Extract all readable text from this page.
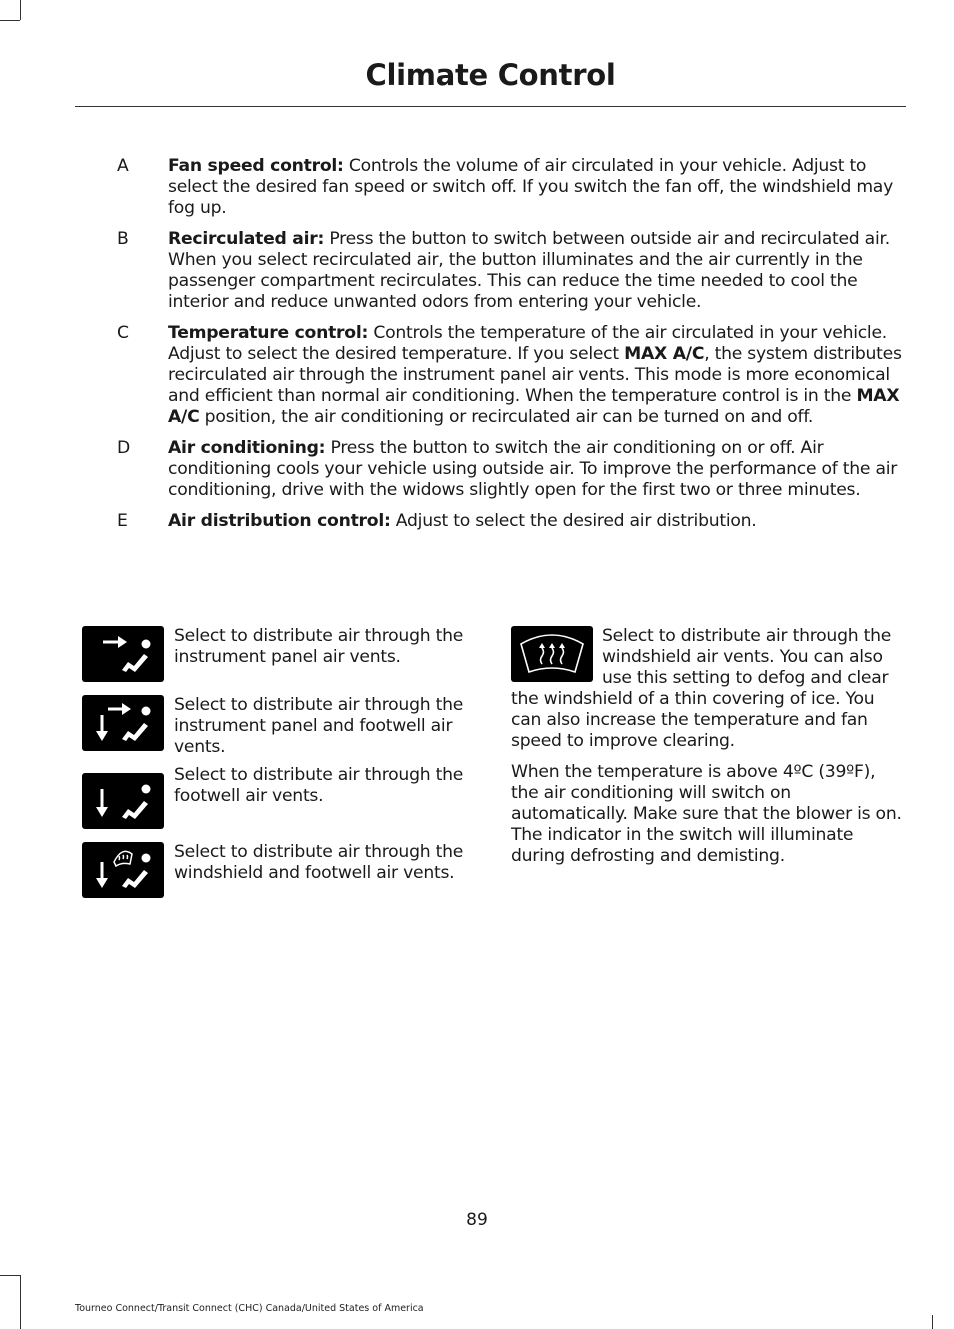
Climate Control
A	Fan speed control: Controls the volume of air circulated in your vehicle. Adjust to select the desired fan speed or switch off. If you switch the fan off, the windshield may fog up.
B	Recirculated air: Press the button to switch between outside air and recirculated air. When you select recirculated air, the button illuminates and the air currently in the passenger compartment recirculates. This can reduce the time needed to cool the interior and reduce unwanted odors from entering your vehicle.
C	Temperature control: Controls the temperature of the air circulated in your vehicle. Adjust to select the desired temperature. If you select MAX A/C, the system distributes recirculated air through the instrument panel air vents. This mode is more economical and efficient than normal air conditioning. When the temperature control is in the MAX A/C position, the air conditioning or recirculated air can be turned on and off.
D	Air conditioning: Press the button to switch the air conditioning on or off. Air conditioning cools your vehicle using outside air. To improve the performance of the air conditioning, drive with the widows slightly open for the first two or three minutes.
E	Air distribution control: Adjust to select the desired air distribution.
Select to distribute air through the instrument panel air vents.
Select to distribute air through the instrument panel and footwell air vents.
Select to distribute air through the footwell air vents.
Select to distribute air through the windshield and footwell air vents.
Select to distribute air through the windshield air vents. You can also use this setting to defog and clear the windshield of a thin covering of ice. You can also increase the temperature and fan speed to improve clearing.
When the temperature is above 4ºC (39ºF), the air conditioning will switch on automatically. Make sure that the blower is on. The indicator in the switch will illuminate during defrosting and demisting.
89
Tourneo Connect/Transit Connect (CHC) Canada/United States of America
